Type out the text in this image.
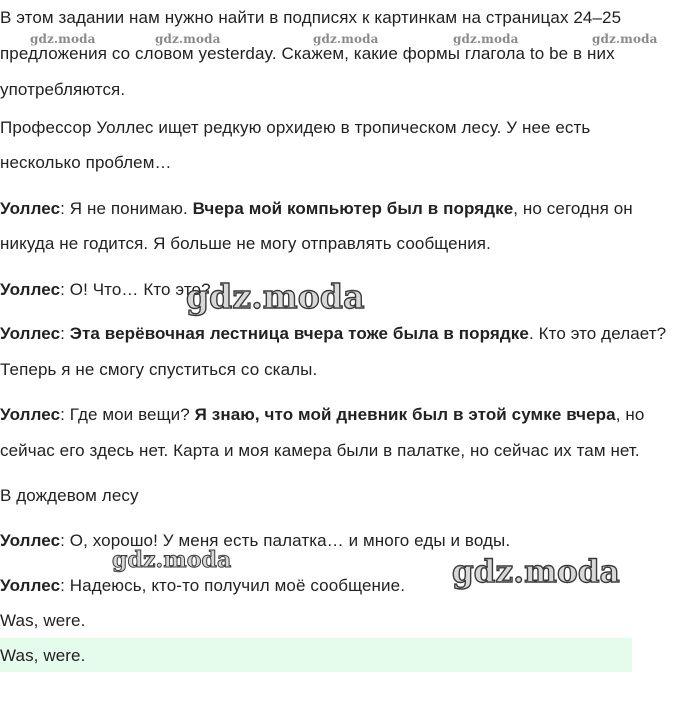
gdz.moda	gdz.moda	gdz.moda	gdz.moda	gdz.moda
В этом задании нам нужно найти в подписях к картинкам на страницах 24–25
предложения со словом yesterday. Скажем, какие формы глагола to be в них
употребляются.
Профессор Уоллес ищет редкую орхидею в тропическом лесу. У нее есть
несколько проблем…
Уоллес: Я не понимаю. Вчера мой компьютер был в порядке, но сегодня он
никуда не годится. Я больше не могу отправлять сообщения.
Уоллес: О! Что… Кто это?
gdz.moda
Уоллес: Эта верёвочная лестница вчера тоже была в порядке. Кто это делает?
Теперь я не смогу спуститься со скалы.
Уоллес: Где мои вещи? Я знаю, что мой дневник был в этой сумке вчера, но
сейчас его здесь нет. Карта и моя камера были в палатке, но сейчас их там нет.
В дождевом лесу
Уоллес: О, хорошо! У меня есть палатка… и много еды и воды.
gdz.moda	gdz.moda
Уоллес: Надеюсь, кто-то получил моё сообщение.
Was, were.
Was, were.
